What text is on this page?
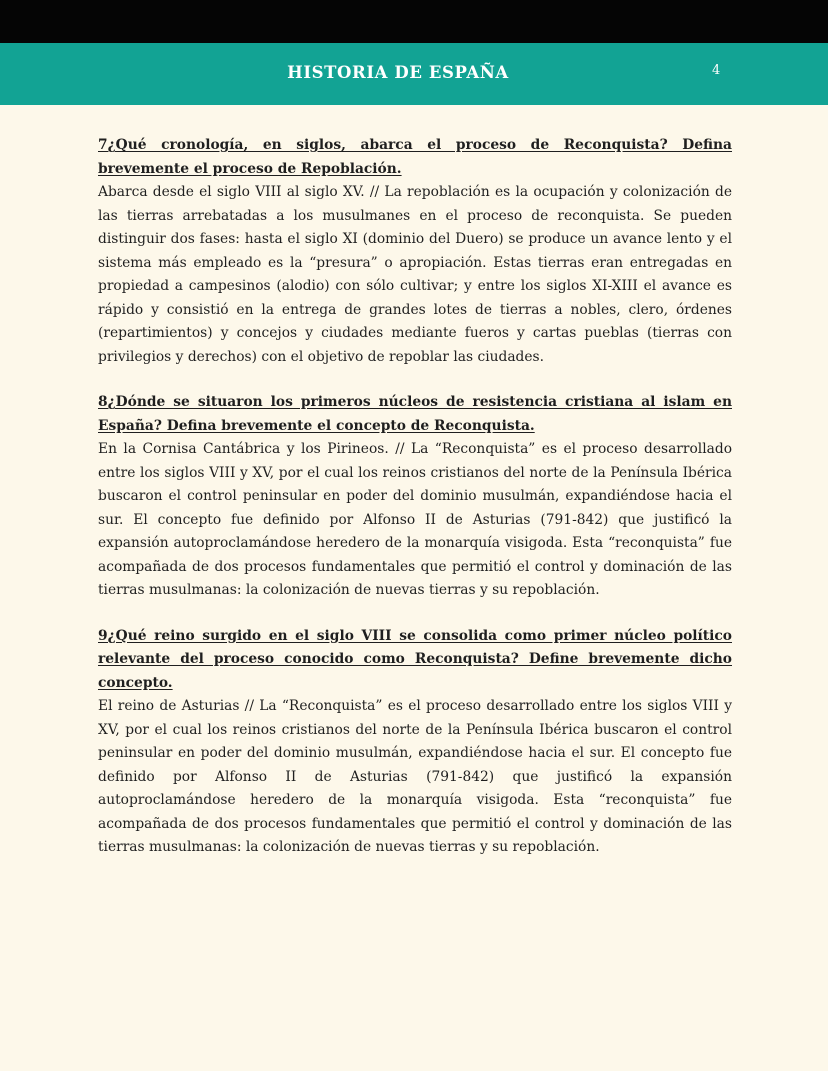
HISTORIA DE ESPAÑA	4

7¿Qué cronología, en siglos, abarca el proceso de Reconquista? Defina brevemente el proceso de Repoblación.

Abarca desde el siglo VIII al siglo XV. // La repoblación es la ocupación y colonización de las tierras arrebatadas a los musulmanes en el proceso de reconquista. Se pueden distinguir dos fases: hasta el siglo XI (dominio del Duero) se produce un avance lento y el sistema más empleado es la “presura” o apropiación. Estas tierras eran entregadas en propiedad a campesinos (alodio) con sólo cultivar; y entre los siglos XI-XIII el avance es rápido y consistió en la entrega de grandes lotes de tierras a nobles, clero, órdenes (repartimientos) y concejos y ciudades mediante fueros y cartas pueblas (tierras con privilegios y derechos) con el objetivo de repoblar las ciudades.

8¿Dónde se situaron los primeros núcleos de resistencia cristiana al islam en España? Defina brevemente el concepto de Reconquista.

En la Cornisa Cantábrica y los Pirineos. // La “Reconquista” es el proceso desarrollado entre los siglos VIII y XV, por el cual los reinos cristianos del norte de la Península Ibérica buscaron el control peninsular en poder del dominio musulmán, expandiéndose hacia el sur. El concepto fue definido por Alfonso II de Asturias (791-842) que justificó la expansión autoproclamándose heredero de la monarquía visigoda. Esta “reconquista” fue acompañada de dos procesos fundamentales que permitió el control y dominación de las tierras musulmanas: la colonización de nuevas tierras y su repoblación.

9¿Qué reino surgido en el siglo VIII se consolida como primer núcleo político relevante del proceso conocido como Reconquista? Define brevemente dicho concepto.

El reino de Asturias // La “Reconquista” es el proceso desarrollado entre los siglos VIII y XV, por el cual los reinos cristianos del norte de la Península Ibérica buscaron el control peninsular en poder del dominio musulmán, expandiéndose hacia el sur. El concepto fue definido por Alfonso II de Asturias (791-842) que justificó la expansión autoproclamándose heredero de la monarquía visigoda. Esta “reconquista” fue acompañada de dos procesos fundamentales que permitió el control y dominación de las tierras musulmanas: la colonización de nuevas tierras y su repoblación.
